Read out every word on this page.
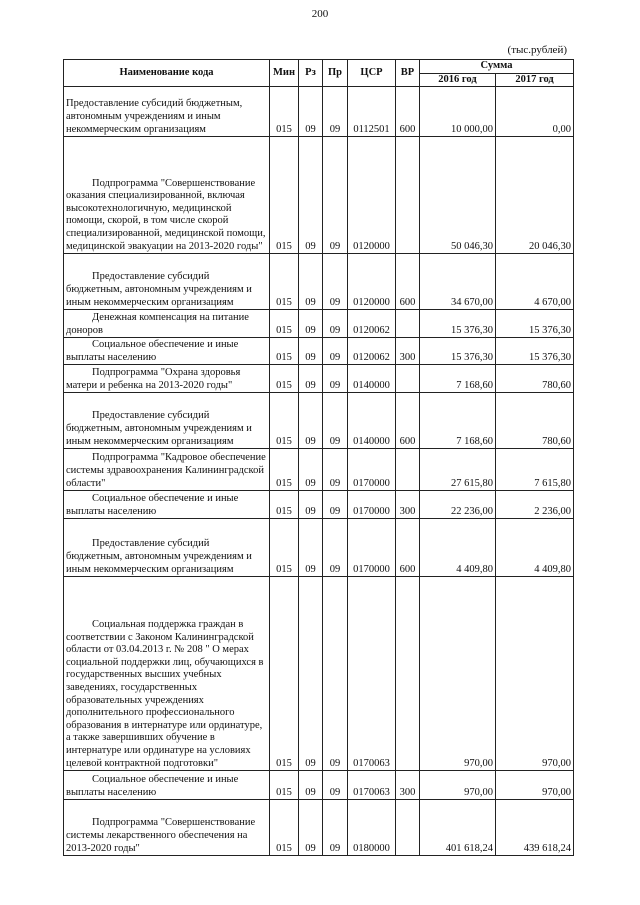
200
(тыс.рублей)
Наименование кода	Мин	Рз	Пр	ЦСР	ВР	Сумма	
						2016 год	2017 год
Предоставление субсидий бюджетным, автономным учреждениям и иным некоммерческим организациям	015	09	09	0112501	600	10 000,00	0,00
Подпрограмма "Совершенствование оказания специализированной, включая высокотехнологичную, медицинской помощи, скорой, в том числе скорой специализированной, медицинской помощи, медицинской эвакуации на 2013-2020 годы"	015	09	09	0120000		50 046,30	20 046,30
Предоставление субсидий бюджетным, автономным учреждениям и иным некоммерческим организациям	015	09	09	0120000	600	34 670,00	4 670,00
Денежная компенсация на питание доноров	015	09	09	0120062		15 376,30	15 376,30
Социальное обеспечение и иные выплаты населению	015	09	09	0120062	300	15 376,30	15 376,30
Подпрограмма "Охрана здоровья матери и ребенка на 2013-2020 годы"	015	09	09	0140000		7 168,60	780,60
Предоставление субсидий бюджетным, автономным учреждениям и иным некоммерческим организациям	015	09	09	0140000	600	7 168,60	780,60
Подпрограмма "Кадровое обеспечение системы здравоохранения Калининградской области"	015	09	09	0170000		27 615,80	7 615,80
Социальное обеспечение и иные выплаты населению	015	09	09	0170000	300	22 236,00	2 236,00
Предоставление субсидий бюджетным, автономным учреждениям и иным некоммерческим организациям	015	09	09	0170000	600	4 409,80	4 409,80
Социальная поддержка граждан в соответствии с Законом Калининградской области от 03.04.2013 г. № 208 " О мерах социальной поддержки лиц, обучающихся в государственных высших учебных заведениях, государственных образовательных учреждениях дополнительного профессионального образования в интернатуре или ординатуре, а также завершивших обучение в интернатуре или ординатуре на условиях целевой контрактной подготовки"	015	09	09	0170063		970,00	970,00
Социальное обеспечение и иные выплаты населению	015	09	09	0170063	300	970,00	970,00
Подпрограмма "Совершенствование системы лекарственного обеспечения на 2013-2020 годы"	015	09	09	0180000		401 618,24	439 618,24
